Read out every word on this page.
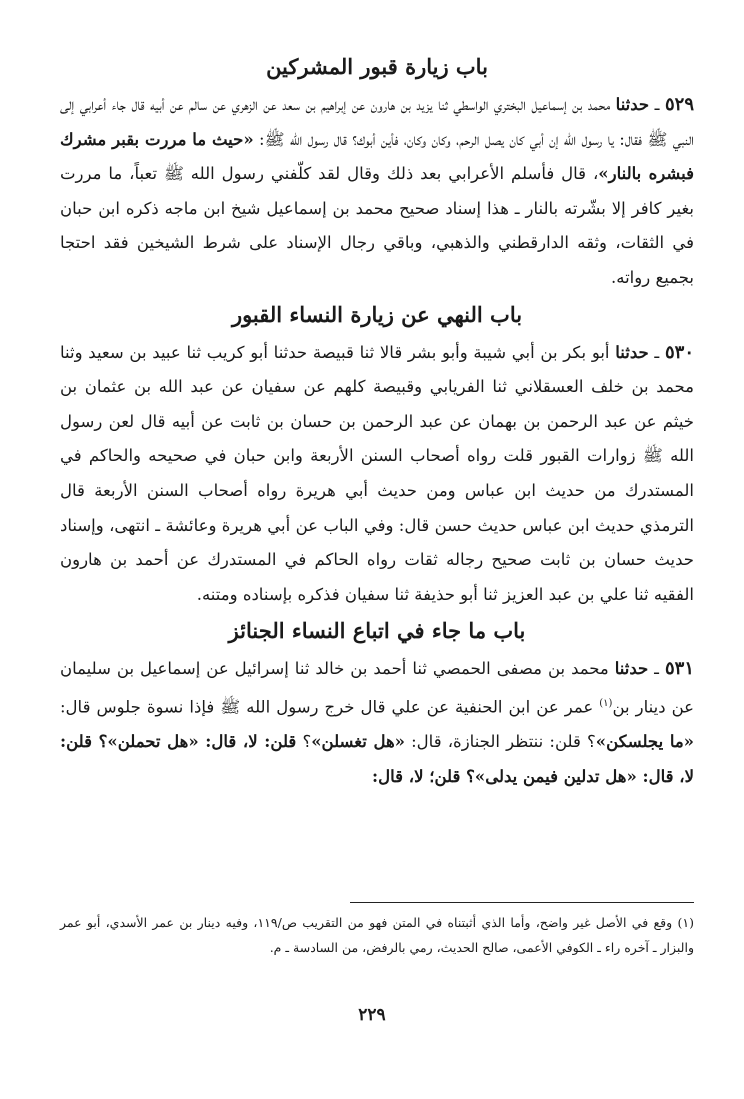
باب زيارة قبور المشركين

٥٢٩ ـ حدثنا محمد بن إسماعيل البختري الواسطي ثنا يزيد بن هارون عن إبراهيم بن سعد عن الزهري عن سالم عن أبيه قال جاء أعرابي إلى النبي ﷺ فقال: يا رسول الله إن أبي كان يصل الرحم، وكان وكان، فأين أبوك؟ قال رسول الله ﷺ: «حيث ما مررت بقبر مشرك فبشره بالنار»، قال فأسلم الأعرابي بعد ذلك وقال لقد كلّفني رسول الله ﷺ تعباً، ما مررت بغير كافر إلا بشّرته بالنار ـ هذا إسناد صحيح محمد بن إسماعيل شيخ ابن ماجه ذكره ابن حبان في الثقات، وثقه الدارقطني والذهبي، وباقي رجال الإسناد على شرط الشيخين فقد احتجا بجميع رواته.

باب النهي عن زيارة النساء القبور

٥٣٠ ـ حدثنا أبو بكر بن أبي شيبة وأبو بشر قالا ثنا قبيصة حدثنا أبو كريب ثنا عبيد بن سعيد وثنا محمد بن خلف العسقلاني ثنا الفريابي وقبيصة كلهم عن سفيان عن عبد الله بن عثمان بن خيثم عن عبد الرحمن بن بهمان عن عبد الرحمن بن حسان بن ثابت عن أبيه قال لعن رسول الله ﷺ زوارات القبور قلت رواه أصحاب السنن الأربعة وابن حبان في صحيحه والحاكم في المستدرك من حديث ابن عباس ومن حديث أبي هريرة رواه أصحاب السنن الأربعة قال الترمذي حديث ابن عباس حديث حسن قال: وفي الباب عن أبي هريرة وعائشة ـ انتهى، وإسناد حديث حسان بن ثابت صحيح رجاله ثقات رواه الحاكم في المستدرك عن أحمد بن هارون الفقيه ثنا علي بن عبد العزيز ثنا أبو حذيفة ثنا سفيان فذكره بإسناده ومتنه.

باب ما جاء في اتباع النساء الجنائز

٥٣١ ـ حدثنا محمد بن مصفى الحمصي ثنا أحمد بن خالد ثنا إسرائيل عن إسماعيل بن سليمان عن دينار بن$^{(١)}$ عمر عن ابن الحنفية عن علي قال خرج رسول الله ﷺ فإذا نسوة جلوس قال: «ما يجلسكن»؟ قلن: ننتظر الجنازة، قال: «هل تغسلن»؟ قلن: لا، قال: «هل تحملن»؟ قلن: لا، قال: «هل تدلين فيمن يدلى»؟ قلن؛ لا، قال:

(١) وقع في الأصل غير واضح، وأما الذي أثبتناه في المتن فهو من التقريب ص/١١٩، وفيه دينار بن عمر الأسدي، أبو عمر والبزار ـ آخره راء ـ الكوفي الأعمى، صالح الحديث، رمي بالرفض، من السادسة ـ م.
٢٢٩
